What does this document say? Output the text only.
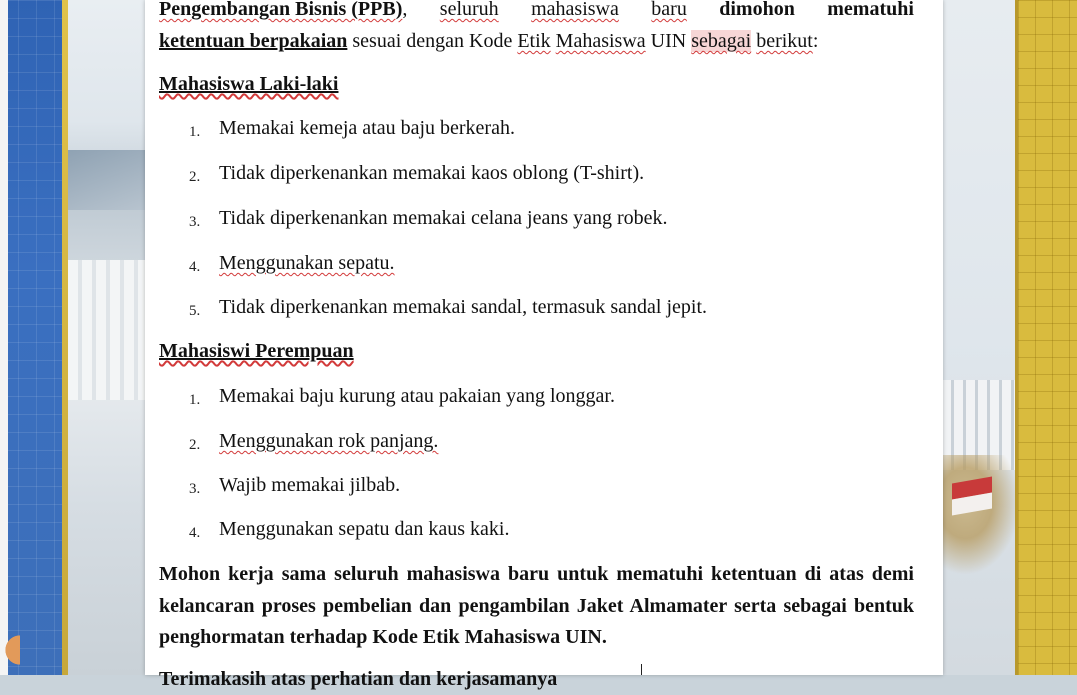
Pengembangan Bisnis (PPB), seluruh mahasiswa baru dimohon mematuhi
ketentuan berpakaian sesuai dengan Kode Etik Mahasiswa UIN sebagai berikut:
Mahasiswa Laki-laki
1. Memakai kemeja atau baju berkerah.
2. Tidak diperkenankan memakai kaos oblong (T-shirt).
3. Tidak diperkenankan memakai celana jeans yang robek.
4. Menggunakan sepatu.
5. Tidak diperkenankan memakai sandal, termasuk sandal jepit.
Mahasiswi Perempuan
1. Memakai baju kurung atau pakaian yang longgar.
2. Menggunakan rok panjang.
3. Wajib memakai jilbab.
4. Menggunakan sepatu dan kaus kaki.

Mohon kerja sama seluruh mahasiswa baru untuk mematuhi ketentuan di atas demi kelancaran proses pembelian dan pengambilan Jaket Almamater serta sebagai bentuk penghormatan terhadap Kode Etik Mahasiswa UIN.

Terimakasih atas perhatian dan kerjasamanya
